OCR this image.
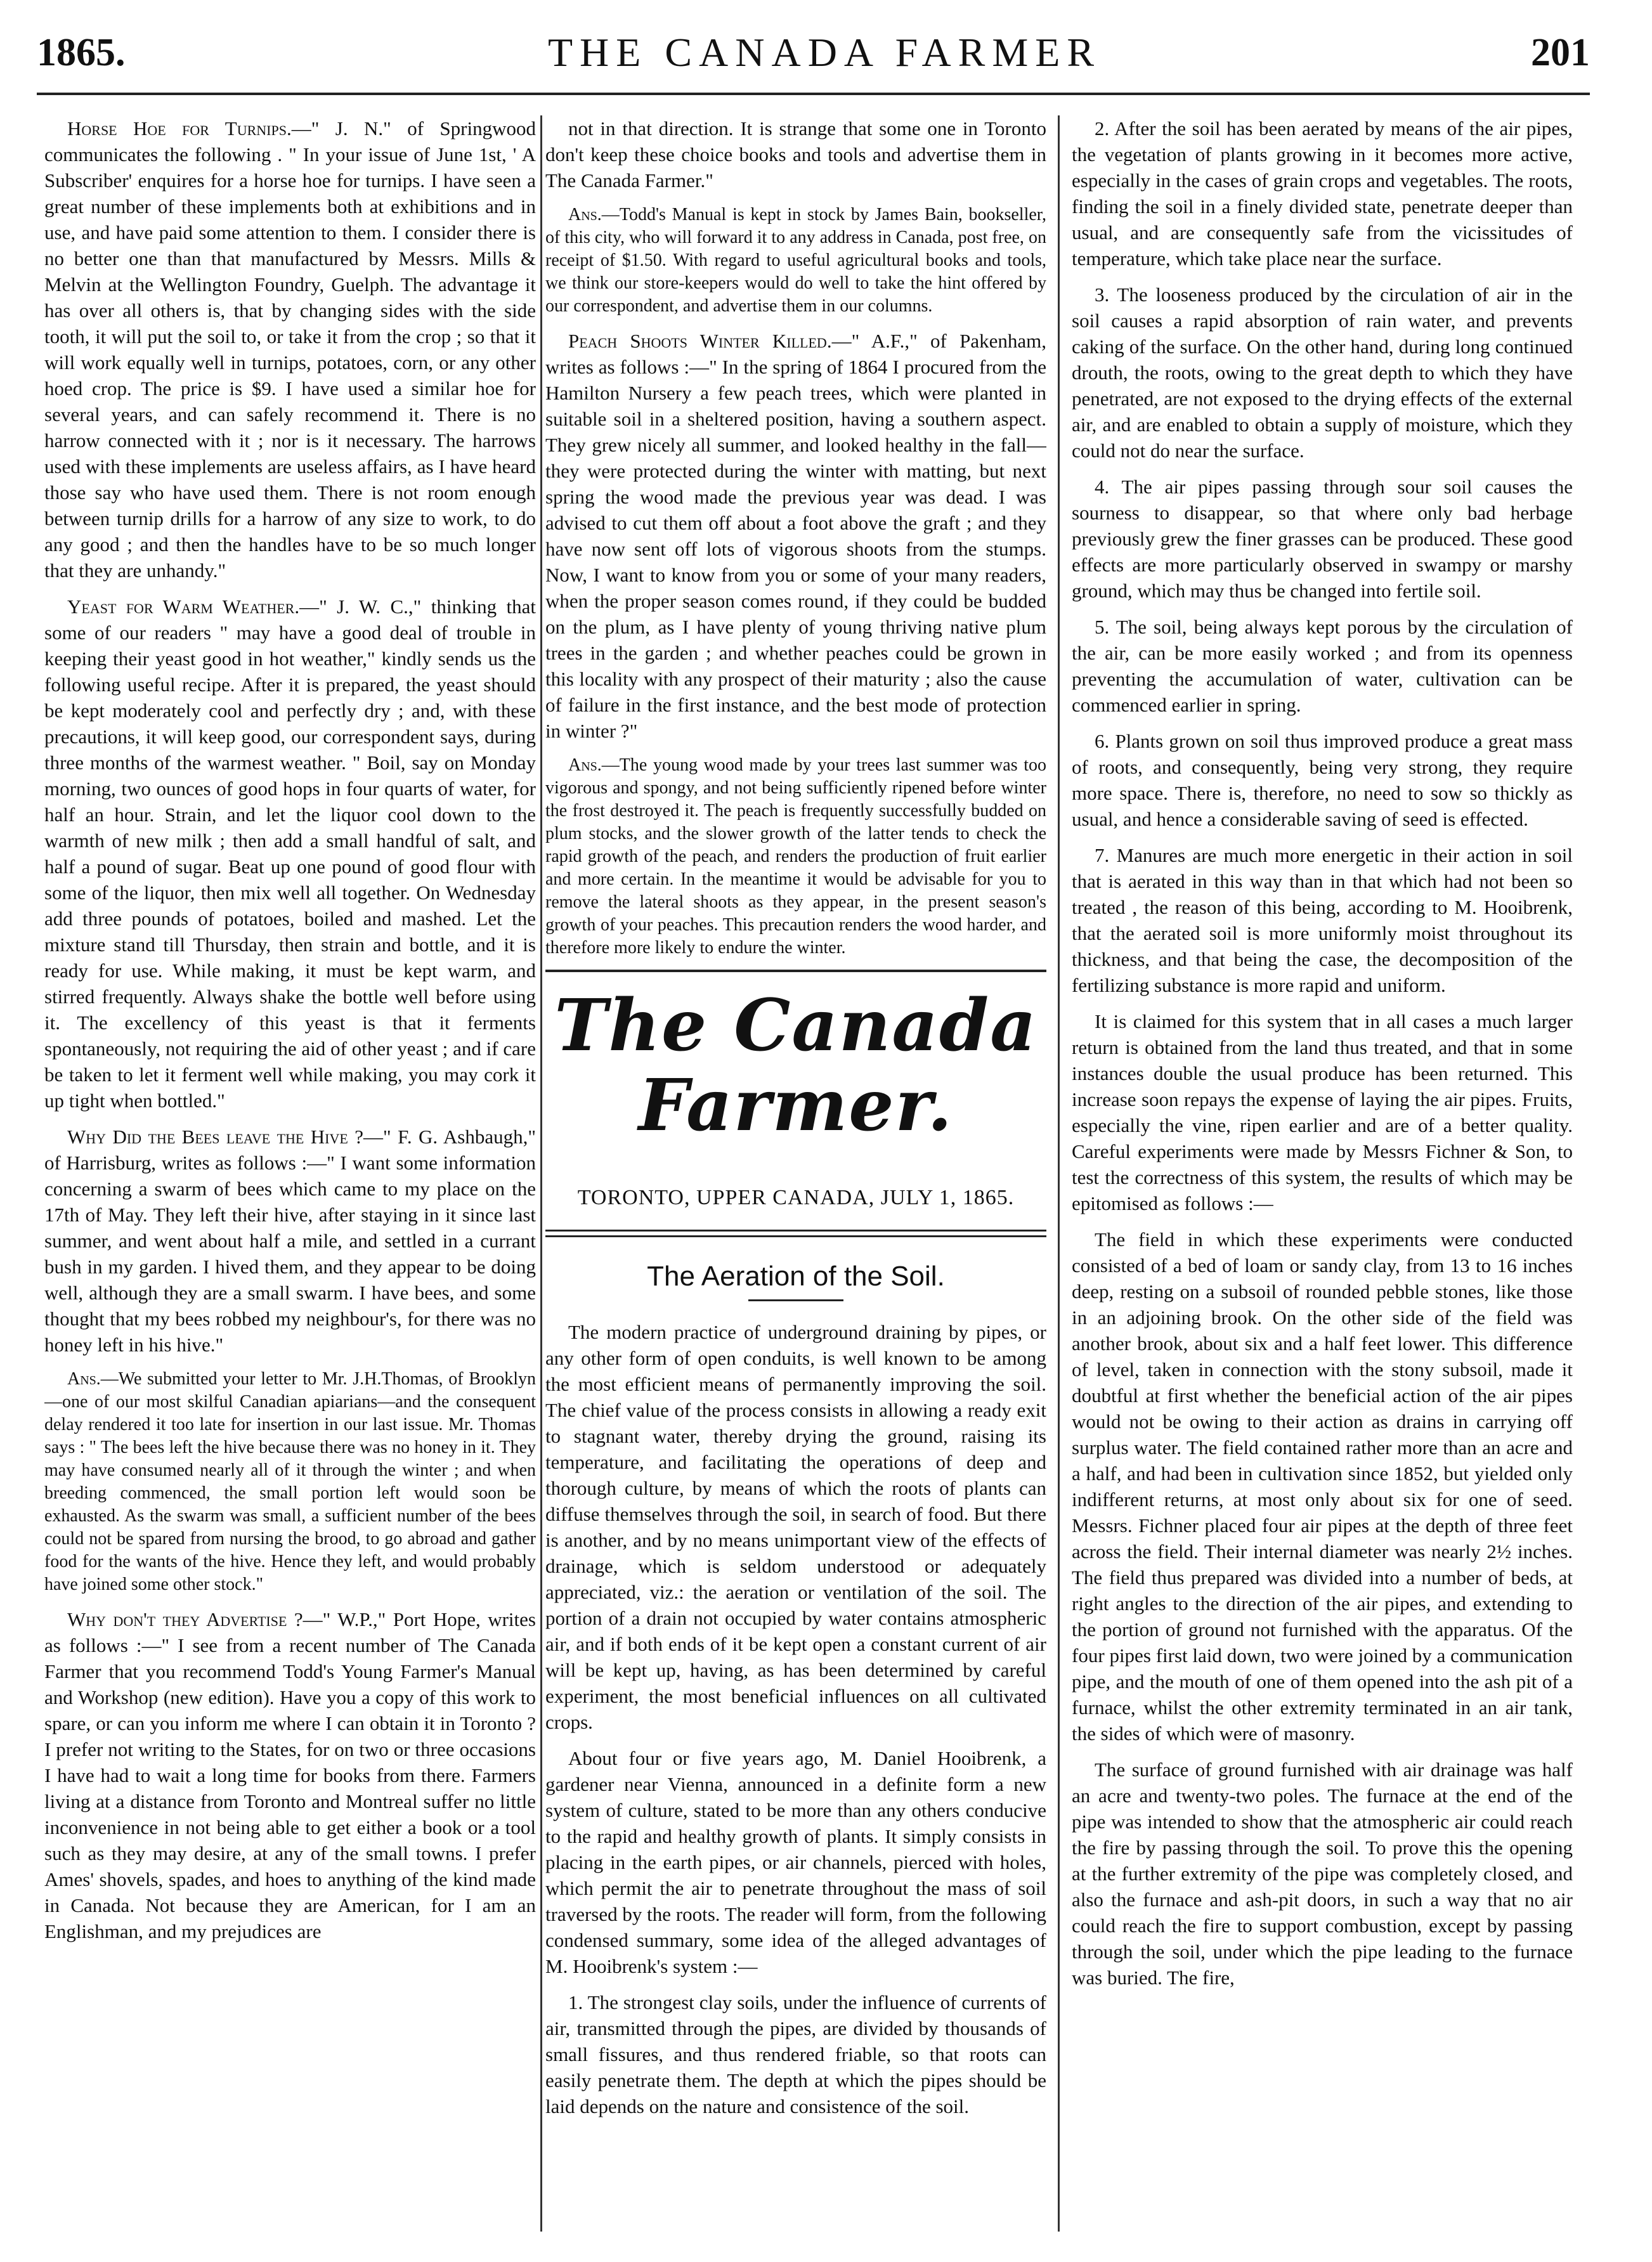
1865.	THE CANADA FARMER	201

Horse Hoe for Turnips.—" J. N." of Springwood communicates the following . " In your issue of June 1st, ' A Subscriber' enquires for a horse hoe for turnips. I have seen a great number of these implements both at exhibitions and in use, and have paid some attention to them. I consider there is no better one than that manufactured by Messrs. Mills & Melvin at the Wellington Foundry, Guelph. The advantage it has over all others is, that by changing sides with the side tooth, it will put the soil to, or take it from the crop ; so that it will work equally well in turnips, potatoes, corn, or any other hoed crop. The price is $9. I have used a similar hoe for several years, and can safely recommend it. There is no harrow connected with it ; nor is it necessary. The harrows used with these implements are useless affairs, as I have heard those say who have used them. There is not room enough between turnip drills for a harrow of any size to work, to do any good ; and then the handles have to be so much longer that they are unhandy."

Yeast for Warm Weather.—" J. W. C.," thinking that some of our readers " may have a good deal of trouble in keeping their yeast good in hot weather," kindly sends us the following useful recipe. After it is prepared, the yeast should be kept moderately cool and perfectly dry ; and, with these precautions, it will keep good, our correspondent says, during three months of the warmest weather. " Boil, say on Monday morning, two ounces of good hops in four quarts of water, for half an hour. Strain, and let the liquor cool down to the warmth of new milk ; then add a small handful of salt, and half a pound of sugar. Beat up one pound of good flour with some of the liquor, then mix well all together. On Wednesday add three pounds of potatoes, boiled and mashed. Let the mixture stand till Thursday, then strain and bottle, and it is ready for use. While making, it must be kept warm, and stirred frequently. Always shake the bottle well before using it. The excellency of this yeast is that it ferments spontaneously, not requiring the aid of other yeast ; and if care be taken to let it ferment well while making, you may cork it up tight when bottled."

Why Did the Bees leave the Hive ?—" F. G. Ashbaugh," of Harrisburg, writes as follows :—" I want some information concerning a swarm of bees which came to my place on the 17th of May. They left their hive, after staying in it since last summer, and went about half a mile, and settled in a currant bush in my garden. I hived them, and they appear to be doing well, although they are a small swarm. I have bees, and some thought that my bees robbed my neighbour's, for there was no honey left in his hive."

Ans.—We submitted your letter to Mr. J.H.Thomas, of Brooklyn—one of our most skilful Canadian apiarians—and the consequent delay rendered it too late for insertion in our last issue. Mr. Thomas says : " The bees left the hive because there was no honey in it. They may have consumed nearly all of it through the winter ; and when breeding commenced, the small portion left would soon be exhausted. As the swarm was small, a sufficient number of the bees could not be spared from nursing the brood, to go abroad and gather food for the wants of the hive. Hence they left, and would probably have joined some other stock."

Why don't they Advertise ?—" W.P.," Port Hope, writes as follows :—" I see from a recent number of The Canada Farmer that you recommend Todd's Young Farmer's Manual and Workshop (new edition). Have you a copy of this work to spare, or can you inform me where I can obtain it in Toronto ? I prefer not writing to the States, for on two or three occasions I have had to wait a long time for books from there. Farmers living at a distance from Toronto and Montreal suffer no little inconvenience in not being able to get either a book or a tool such as they may desire, at any of the small towns. I prefer Ames' shovels, spades, and hoes to anything of the kind made in Canada. Not because they are American, for I am an Englishman, and my prejudices are

not in that direction. It is strange that some one in Toronto don't keep these choice books and tools and advertise them in The Canada Farmer."

Ans.—Todd's Manual is kept in stock by James Bain, bookseller, of this city, who will forward it to any address in Canada, post free, on receipt of $1.50. With regard to useful agricultural books and tools, we think our store-keepers would do well to take the hint offered by our correspondent, and advertise them in our columns.

Peach Shoots Winter Killed.—" A.F.," of Pakenham, writes as follows :—" In the spring of 1864 I procured from the Hamilton Nursery a few peach trees, which were planted in suitable soil in a sheltered position, having a southern aspect. They grew nicely all summer, and looked healthy in the fall—they were protected during the winter with matting, but next spring the wood made the previous year was dead. I was advised to cut them off about a foot above the graft ; and they have now sent off lots of vigorous shoots from the stumps. Now, I want to know from you or some of your many readers, when the proper season comes round, if they could be budded on the plum, as I have plenty of young thriving native plum trees in the garden ; and whether peaches could be grown in this locality with any prospect of their maturity ; also the cause of failure in the first instance, and the best mode of protection in winter ?"

Ans.—The young wood made by your trees last summer was too vigorous and spongy, and not being sufficiently ripened before winter the frost destroyed it. The peach is frequently successfully budded on plum stocks, and the slower growth of the latter tends to check the rapid growth of the peach, and renders the production of fruit earlier and more certain. In the meantime it would be advisable for you to remove the lateral shoots as they appear, in the present season's growth of your peaches. This precaution renders the wood harder, and therefore more likely to endure the winter.

The Canada Farmer.
TORONTO, UPPER CANADA, JULY 1, 1865.
The Aeration of the Soil.

The modern practice of underground draining by pipes, or any other form of open conduits, is well known to be among the most efficient means of permanently improving the soil. The chief value of the process consists in allowing a ready exit to stagnant water, thereby drying the ground, raising its temperature, and facilitating the operations of deep and thorough culture, by means of which the roots of plants can diffuse themselves through the soil, in search of food. But there is another, and by no means unimportant view of the effects of drainage, which is seldom understood or adequately appreciated, viz.: the aeration or ventilation of the soil. The portion of a drain not occupied by water contains atmospheric air, and if both ends of it be kept open a constant current of air will be kept up, having, as has been determined by careful experiment, the most beneficial influences on all cultivated crops.

About four or five years ago, M. Daniel Hooibrenk, a gardener near Vienna, announced in a definite form a new system of culture, stated to be more than any others conducive to the rapid and healthy growth of plants. It simply consists in placing in the earth pipes, or air channels, pierced with holes, which permit the air to penetrate throughout the mass of soil traversed by the roots. The reader will form, from the following condensed summary, some idea of the alleged advantages of M. Hooibrenk's system :—

1. The strongest clay soils, under the influence of currents of air, transmitted through the pipes, are divided by thousands of small fissures, and thus rendered friable, so that roots can easily penetrate them. The depth at which the pipes should be laid depends on the nature and consistence of the soil.

2. After the soil has been aerated by means of the air pipes, the vegetation of plants growing in it becomes more active, especially in the cases of grain crops and vegetables. The roots, finding the soil in a finely divided state, penetrate deeper than usual, and are consequently safe from the vicissitudes of temperature, which take place near the surface.

3. The looseness produced by the circulation of air in the soil causes a rapid absorption of rain water, and prevents caking of the surface. On the other hand, during long continued drouth, the roots, owing to the great depth to which they have penetrated, are not exposed to the drying effects of the external air, and are enabled to obtain a supply of moisture, which they could not do near the surface.

4. The air pipes passing through sour soil causes the sourness to disappear, so that where only bad herbage previously grew the finer grasses can be produced. These good effects are more particularly observed in swampy or marshy ground, which may thus be changed into fertile soil.

5. The soil, being always kept porous by the circulation of the air, can be more easily worked ; and from its openness preventing the accumulation of water, cultivation can be commenced earlier in spring.

6. Plants grown on soil thus improved produce a great mass of roots, and consequently, being very strong, they require more space. There is, therefore, no need to sow so thickly as usual, and hence a considerable saving of seed is effected.

7. Manures are much more energetic in their action in soil that is aerated in this way than in that which had not been so treated , the reason of this being, according to M. Hooibrenk, that the aerated soil is more uniformly moist throughout its thickness, and that being the case, the decomposition of the fertilizing substance is more rapid and uniform.

It is claimed for this system that in all cases a much larger return is obtained from the land thus treated, and that in some instances double the usual produce has been returned. This increase soon repays the expense of laying the air pipes. Fruits, especially the vine, ripen earlier and are of a better quality. Careful experiments were made by Messrs Fichner & Son, to test the correctness of this system, the results of which may be epitomised as follows :—

The field in which these experiments were conducted consisted of a bed of loam or sandy clay, from 13 to 16 inches deep, resting on a subsoil of rounded pebble stones, like those in an adjoining brook. On the other side of the field was another brook, about six and a half feet lower. This difference of level, taken in connection with the stony subsoil, made it doubtful at first whether the beneficial action of the air pipes would not be owing to their action as drains in carrying off surplus water. The field contained rather more than an acre and a half, and had been in cultivation since 1852, but yielded only indifferent returns, at most only about six for one of seed. Messrs. Fichner placed four air pipes at the depth of three feet across the field. Their internal diameter was nearly 2½ inches. The field thus prepared was divided into a number of beds, at right angles to the direction of the air pipes, and extending to the portion of ground not furnished with the apparatus. Of the four pipes first laid down, two were joined by a communication pipe, and the mouth of one of them opened into the ash pit of a furnace, whilst the other extremity terminated in an air tank, the sides of which were of masonry.

The surface of ground furnished with air drainage was half an acre and twenty-two poles. The furnace at the end of the pipe was intended to show that the atmospheric air could reach the fire by passing through the soil. To prove this the opening at the further extremity of the pipe was completely closed, and also the furnace and ash-pit doors, in such a way that no air could reach the fire to support combustion, except by passing through the soil, under which the pipe leading to the furnace was buried. The fire,
